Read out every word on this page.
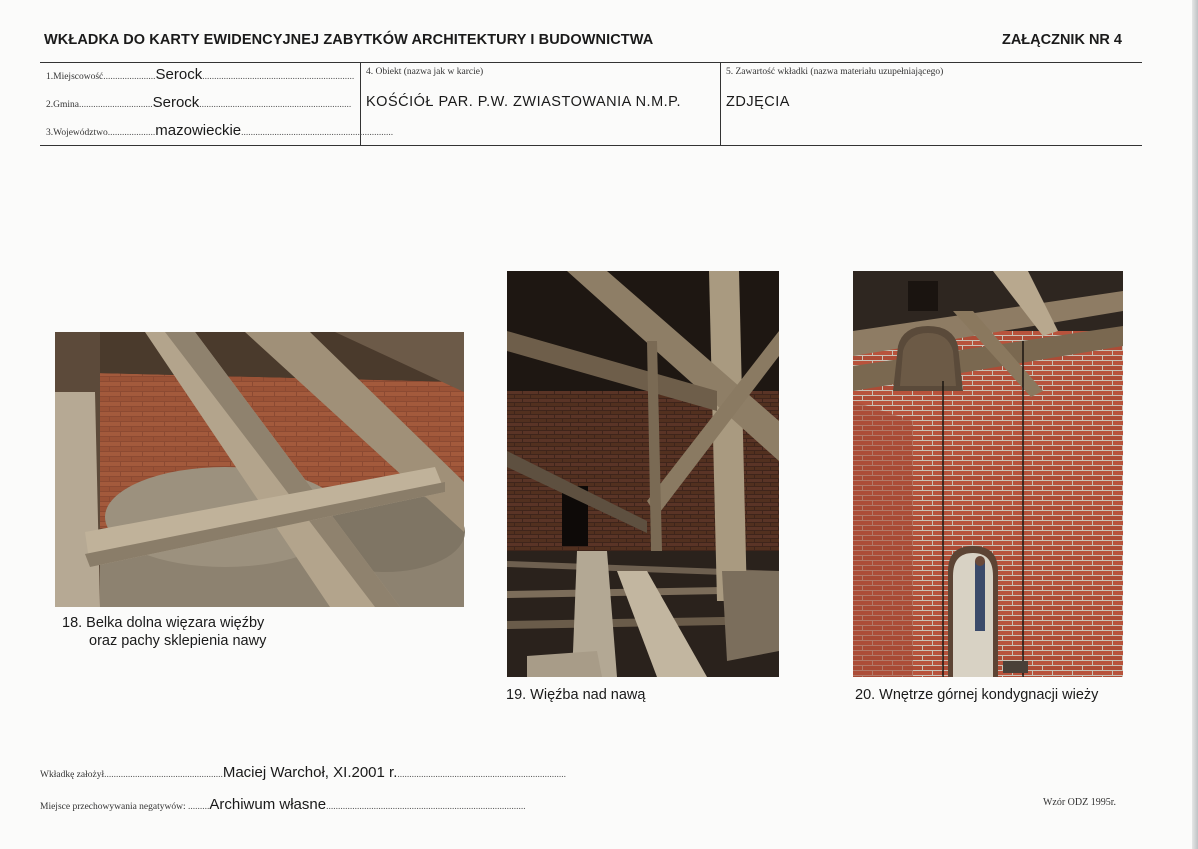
WKŁADKA DO KARTY EWIDENCYJNEJ ZABYTKÓW ARCHITEKTURY I BUDOWNICTWA	ZAŁĄCZNIK NR 4
1.Miejscowość......................Serock................................................................
2.Gmina...............................Serock................................................................
3.Województwo....................mazowieckie................................................................
4. Obiekt (nazwa jak w karcie)
KOŚĆIÓŁ PAR. P.W. ZWIASTOWANIA N.M.P.
5. Zawartość wkładki (nazwa materiału uzupełniającego)
ZDJĘCIA
18. Belka dolna więzara więźby
oraz pachy sklepienia nawy
19. Więźba nad nawą	20. Wnętrze górnej kondygnacji wieży
Wkładkę założył..................................................Maciej Warchoł, XI.2001 r........................................................................
Miejsce przechowywania negatywów: .........Archiwum własne....................................................................................	Wzór ODZ 1995r.
